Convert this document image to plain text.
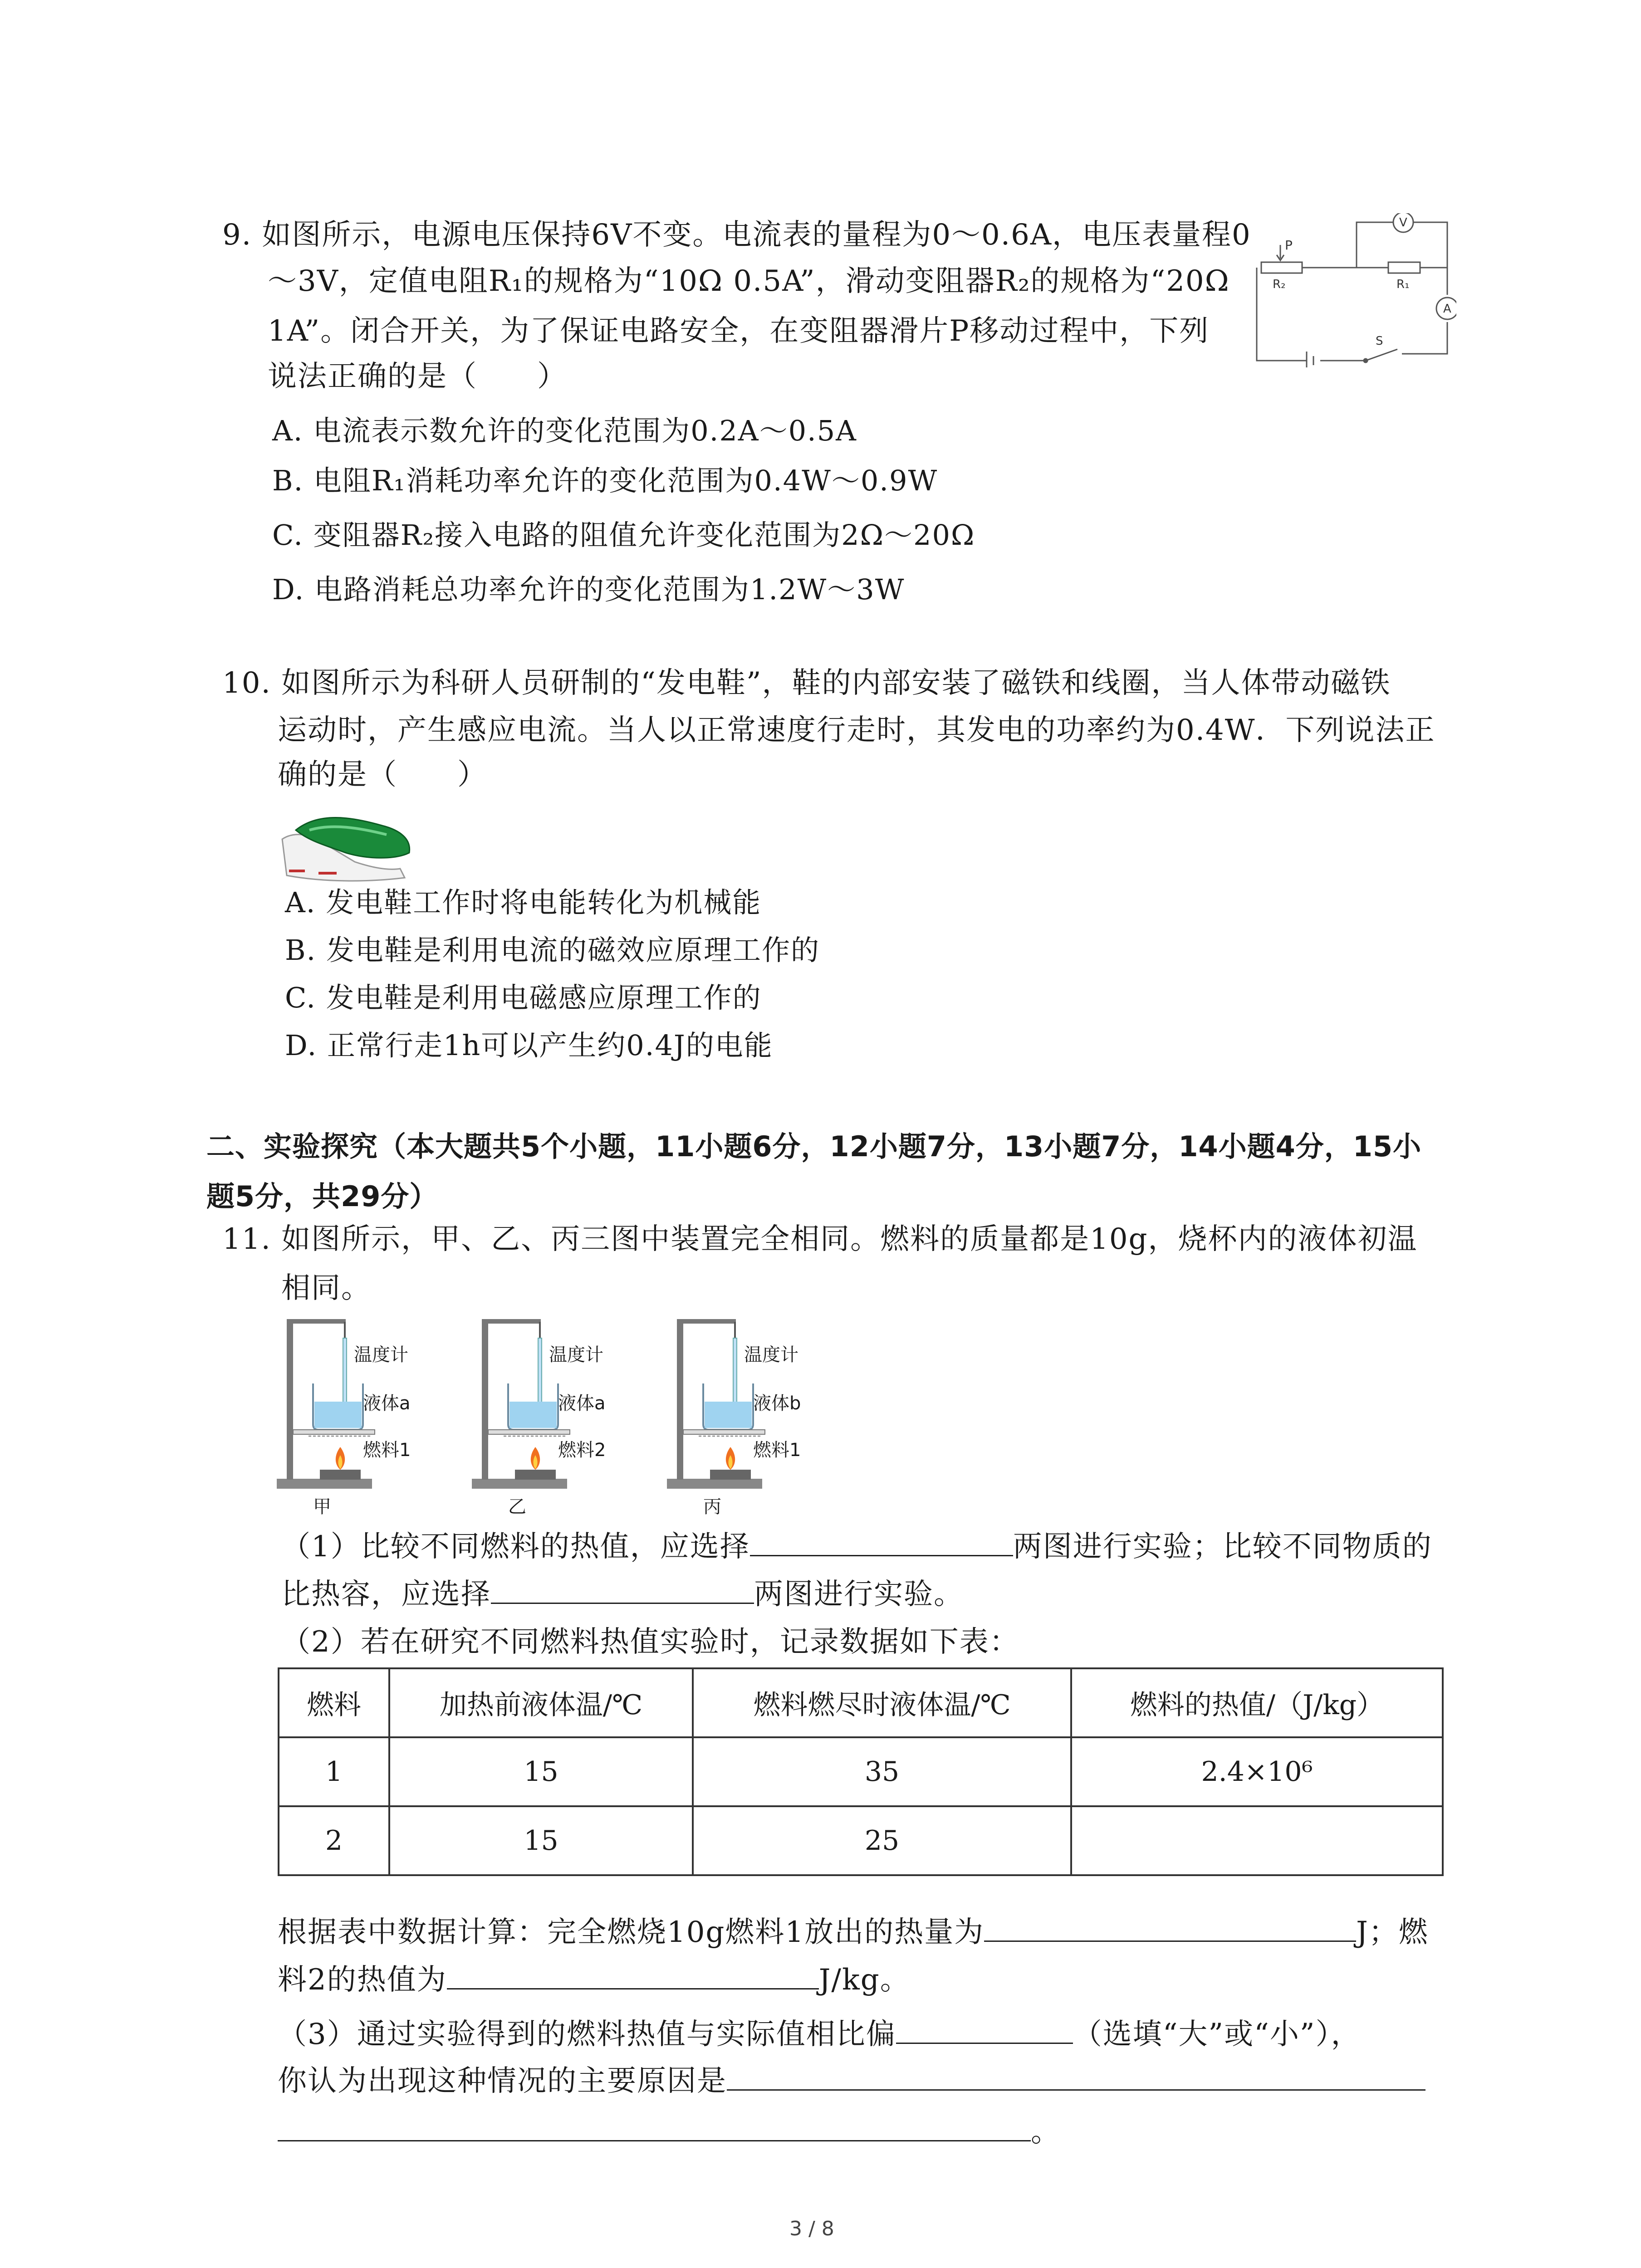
9. 如图所示，电源电压保持6V不变。电流表的量程为0～0.6A，电压表量程0
～3V，定值电阻R₁的规格为“10Ω 0.5A”，滑动变阻器R₂的规格为“20Ω
1A”。闭合开关，为了保证电路安全，在变阻器滑片P移动过程中，下列
说法正确的是（　　）
A. 电流表示数允许的变化范围为0.2A～0.5A
B. 电阻R₁消耗功率允许的变化范围为0.4W～0.9W
C. 变阻器R₂接入电路的阻值允许变化范围为2Ω～20Ω
D. 电路消耗总功率允许的变化范围为1.2W～3W
P
R₂	R₁
V
A
S
10. 如图所示为科研人员研制的“发电鞋”，鞋的内部安装了磁铁和线圈，当人体带动磁铁
运动时，产生感应电流。当人以正常速度行走时，其发电的功率约为0.4W．下列说法正
确的是（　　）
A. 发电鞋工作时将电能转化为机械能
B. 发电鞋是利用电流的磁效应原理工作的
C. 发电鞋是利用电磁感应原理工作的
D. 正常行走1h可以产生约0.4J的电能
二、实验探究（本大题共5个小题，11小题6分，12小题7分，13小题7分，14小题4分，15小
题5分，共29分）
11. 如图所示，甲、乙、丙三图中装置完全相同。燃料的质量都是10g，烧杯内的液体初温
相同。
温度计
液体a
燃料1
甲
温度计
液体a
燃料2
乙
温度计
液体b
燃料1
丙
（1）比较不同燃料的热值，应选择	两图进行实验；比较不同物质的
比热容，应选择	两图进行实验。
（2）若在研究不同燃料热值实验时，记录数据如下表：
燃料	加热前液体温/℃	燃料燃尽时液体温/℃	燃料的热值/（J/kg）
1	15	35	2.4×10⁶
2	15	25	
根据表中数据计算：完全燃烧10g燃料1放出的热量为	J；燃
料2的热值为	J/kg。
（3）通过实验得到的燃料热值与实际值相比偏	（选填“大”或“小”），
你认为出现这种情况的主要原因是
。
3 / 8
